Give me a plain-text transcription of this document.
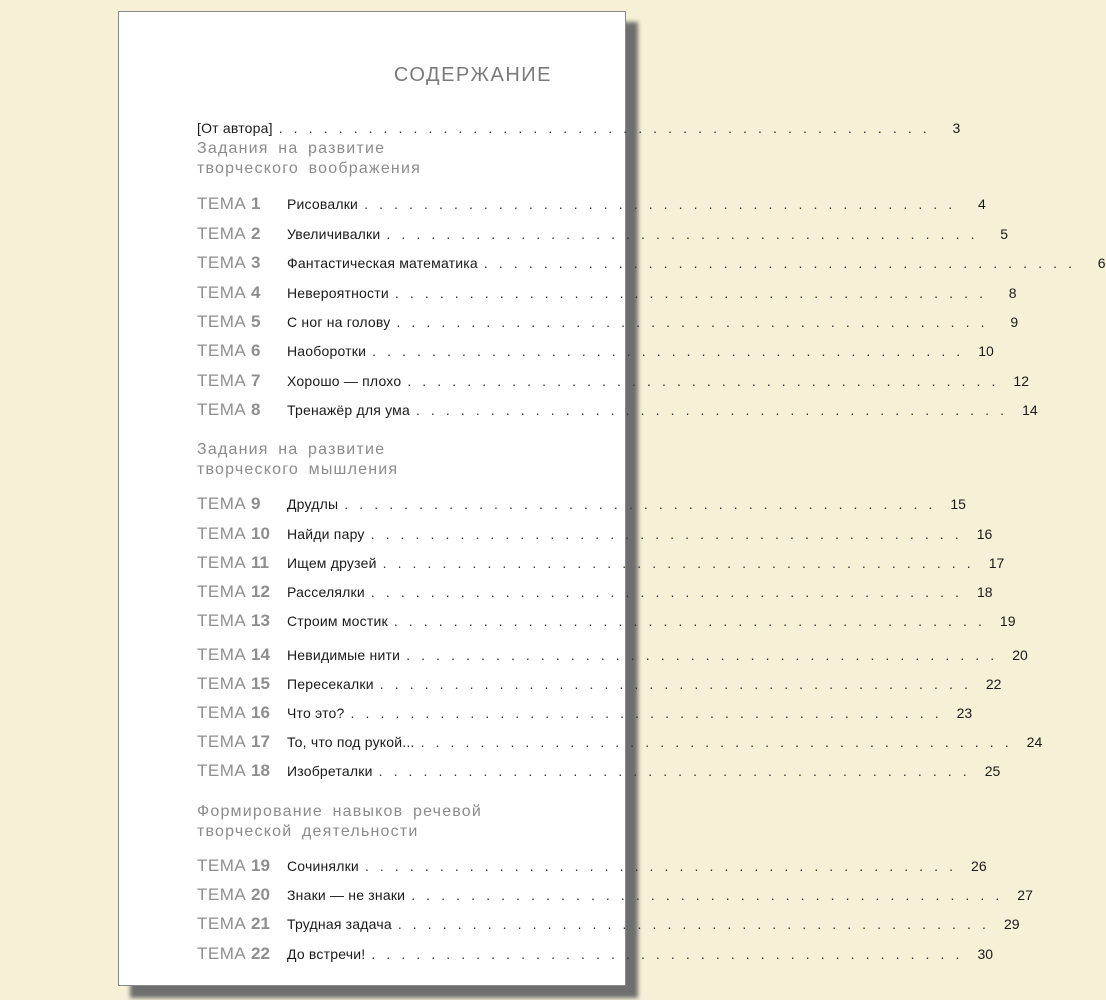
СОДЕРЖАНИЕ
[От автора] . . . . . . . . . . . . . . . . . . . . . . . . . . . . . . . . . . . . . . . . . . . .	3
Задания на развитие
творческого воображения
ТЕМА 1	Рисовалки . . . . . . . . . . . . . . . . . . . . . . . . . . . . . . . . . . . . . . . .	4
ТЕМА 2	Увеличивалки . . . . . . . . . . . . . . . . . . . . . . . . . . . . . . . . . . . . . . . .	5
ТЕМА 3	Фантастическая математика . . . . . . . . . . . . . . . . . . . . . . . . . . . . . . . . . . . . . . . .	6
ТЕМА 4	Невероятности . . . . . . . . . . . . . . . . . . . . . . . . . . . . . . . . . . . . . . . .	8
ТЕМА 5	С ног на голову . . . . . . . . . . . . . . . . . . . . . . . . . . . . . . . . . . . . . . . .	9
ТЕМА 6	Наоборотки . . . . . . . . . . . . . . . . . . . . . . . . . . . . . . . . . . . . . . . .	10
ТЕМА 7	Хорошо — плохо . . . . . . . . . . . . . . . . . . . . . . . . . . . . . . . . . . . . . . . .	12
ТЕМА 8	Тренажёр для ума . . . . . . . . . . . . . . . . . . . . . . . . . . . . . . . . . . . . . . . .	14
Задания на развитие
творческого мышления
ТЕМА 9	Друдлы . . . . . . . . . . . . . . . . . . . . . . . . . . . . . . . . . . . . . . . .	15
ТЕМА 10	Найди пару . . . . . . . . . . . . . . . . . . . . . . . . . . . . . . . . . . . . . . . .	16
ТЕМА 11	Ищем друзей . . . . . . . . . . . . . . . . . . . . . . . . . . . . . . . . . . . . . . . .	17
ТЕМА 12	Расселялки . . . . . . . . . . . . . . . . . . . . . . . . . . . . . . . . . . . . . . . .	18
ТЕМА 13	Строим мостик . . . . . . . . . . . . . . . . . . . . . . . . . . . . . . . . . . . . . . . .	19
ТЕМА 14	Невидимые нити . . . . . . . . . . . . . . . . . . . . . . . . . . . . . . . . . . . . . . . .	20
ТЕМА 15	Пересекалки . . . . . . . . . . . . . . . . . . . . . . . . . . . . . . . . . . . . . . . .	22
ТЕМА 16	Что это? . . . . . . . . . . . . . . . . . . . . . . . . . . . . . . . . . . . . . . . .	23
ТЕМА 17	То, что под рукой... . . . . . . . . . . . . . . . . . . . . . . . . . . . . . . . . . . . . . . . .	24
ТЕМА 18	Изобреталки . . . . . . . . . . . . . . . . . . . . . . . . . . . . . . . . . . . . . . . .	25
Формирование навыков речевой
творческой деятельности
ТЕМА 19	Сочинялки . . . . . . . . . . . . . . . . . . . . . . . . . . . . . . . . . . . . . . . .	26
ТЕМА 20	Знаки — не знаки . . . . . . . . . . . . . . . . . . . . . . . . . . . . . . . . . . . . . . . .	27
ТЕМА 21	Трудная задача . . . . . . . . . . . . . . . . . . . . . . . . . . . . . . . . . . . . . . . .	29
ТЕМА 22	До встречи! . . . . . . . . . . . . . . . . . . . . . . . . . . . . . . . . . . . . . . . .	30
